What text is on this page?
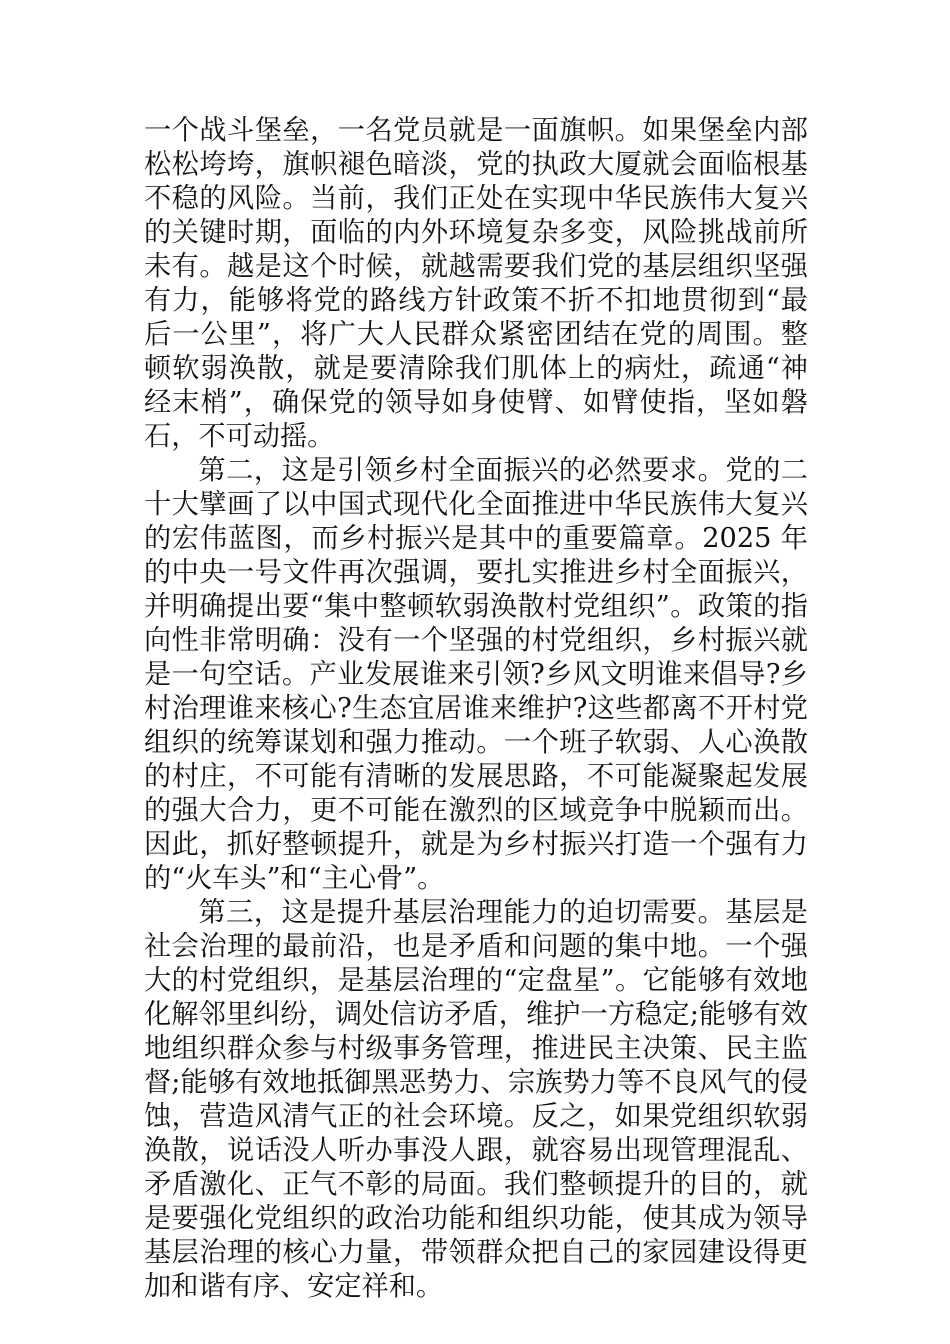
一个战斗堡垒，一名党员就是一面旗帜。如果堡垒内部松松垮垮，旗帜褪色暗淡，党的执政大厦就会面临根基不稳的风险。当前，我们正处在实现中华民族伟大复兴的关键时期，面临的内外环境复杂多变，风险挑战前所未有。越是这个时候，就越需要我们党的基层组织坚强有力，能够将党的路线方针政策不折不扣地贯彻到“最后一公里”，将广大人民群众紧密团结在党的周围。整顿软弱涣散，就是要清除我们肌体上的病灶，疏通“神经末梢”，确保党的领导如身使臂、如臂使指，坚如磐石，不可动摇。

第二，这是引领乡村全面振兴的必然要求。党的二十大擘画了以中国式现代化全面推进中华民族伟大复兴的宏伟蓝图，而乡村振兴是其中的重要篇章。2025 年的中央一号文件再次强调，要扎实推进乡村全面振兴，并明确提出要“集中整顿软弱涣散村党组织”。政策的指向性非常明确：没有一个坚强的村党组织，乡村振兴就是一句空话。产业发展谁来引领?乡风文明谁来倡导?乡村治理谁来核心?生态宜居谁来维护?这些都离不开村党组织的统筹谋划和强力推动。一个班子软弱、人心涣散的村庄，不可能有清晰的发展思路，不可能凝聚起发展的强大合力，更不可能在激烈的区域竞争中脱颖而出。因此，抓好整顿提升，就是为乡村振兴打造一个强有力的“火车头”和“主心骨”。

第三，这是提升基层治理能力的迫切需要。基层是社会治理的最前沿，也是矛盾和问题的集中地。一个强大的村党组织，是基层治理的“定盘星”。它能够有效地化解邻里纠纷，调处信访矛盾，维护一方稳定;能够有效地组织群众参与村级事务管理，推进民主决策、民主监督;能够有效地抵御黑恶势力、宗族势力等不良风气的侵蚀，营造风清气正的社会环境。反之，如果党组织软弱涣散，说话没人听办事没人跟，就容易出现管理混乱、矛盾激化、正气不彰的局面。我们整顿提升的目的，就是要强化党组织的政治功能和组织功能，使其成为领导基层治理的核心力量，带领群众把自己的家园建设得更加和谐有序、安定祥和。
